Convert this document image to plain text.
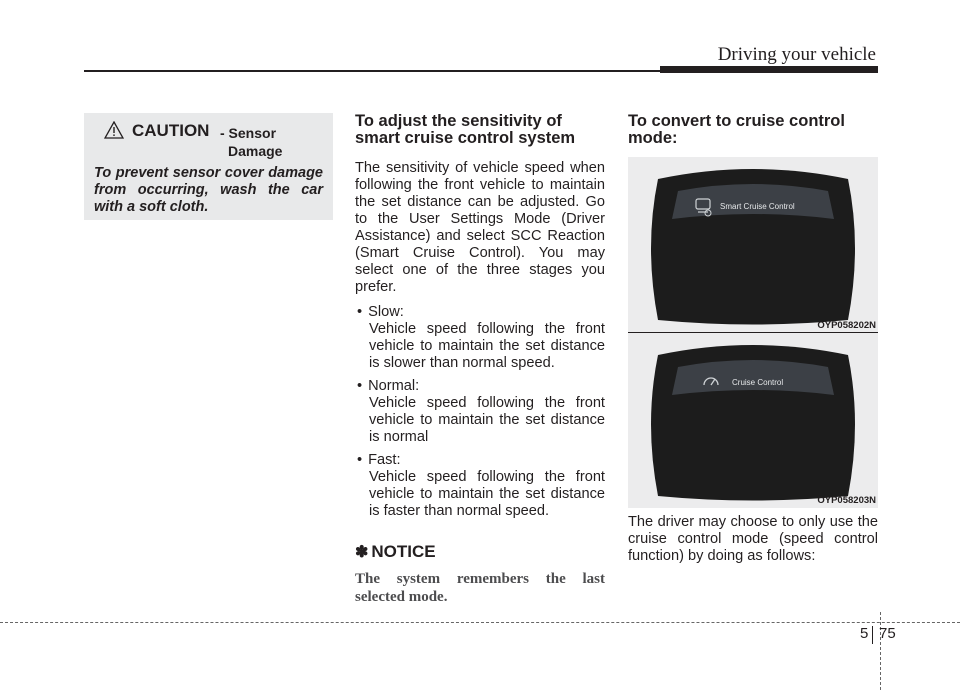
Driving your vehicle
CAUTION - Sensor
Damage
To prevent sensor cover damage from occurring, wash the car with a soft cloth.
To adjust the sensitivity of smart cruise control system

The sensitivity of vehicle speed when following the front vehicle to maintain the set distance can be adjusted. Go to the User Settings Mode (Driver Assistance) and select SCC Reaction (Smart Cruise Control). You may select one of the three stages you prefer.

• Slow:
Vehicle speed following the front vehicle to maintain the set distance is slower than normal speed.
• Normal:
Vehicle speed following the front vehicle to maintain the set distance is normal
• Fast:
Vehicle speed following the front vehicle to maintain the set distance is faster than normal speed.
✽ NOTICE
The system remembers the last selected mode.
To convert to cruise control mode:
Smart Cruise Control
OYP058202N
Cruise Control
OYP058203N

The driver may choose to only use the cruise control mode (speed control function) by doing as follows:

5 75
